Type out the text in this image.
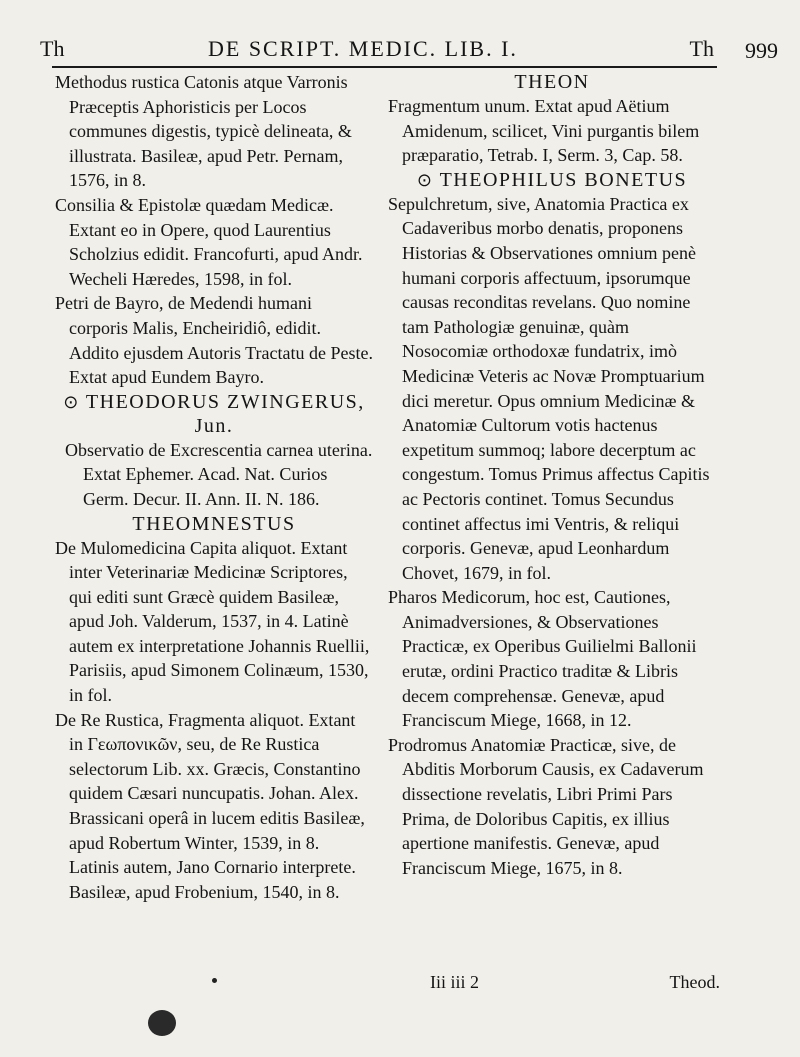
Th	DE SCRIPT. MEDIC. LIB. I.	Th 999

Methodus rustica Catonis atque Varronis Præceptis Aphoristicis per Locos communes digestis, typicè delineata, & illustrata. Basileæ, apud Petr. Pernam, 1576, in 8.

Consilia & Epistolæ quædam Medicæ. Extant eo in Opere, quod Laurentius Scholzius edidit. Francofurti, apud Andr. Wecheli Hæredes, 1598, in fol.

Petri de Bayro, de Medendi humani corporis Malis, Encheiridiô, edidit. Addito ejusdem Autoris Tractatu de Peste. Extat apud Eundem Bayro.

⊙ THEODORUS ZWINGERUS, Jun.

Observatio de Excrescentia carnea uterina. Extat Ephemer. Acad. Nat. Curios Germ. Decur. II. Ann. II. N. 186.

THEOMNESTUS

De Mulomedicina Capita aliquot. Extant inter Veterinariæ Medicinæ Scriptores, qui editi sunt Græcè quidem Basileæ, apud Joh. Valderum, 1537, in 4. Latinè autem ex interpretatione Johannis Ruellii, Parisiis, apud Simonem Colinæum, 1530, in fol.

De Re Rustica, Fragmenta aliquot. Extant in Γεωπονικῶν, seu, de Re Rustica selectorum Lib. xx. Græcis, Constantino quidem Cæsari nuncupatis. Johan. Alex. Brassicani operâ in lucem editis Basileæ, apud Robertum Winter, 1539, in 8. Latinis autem, Jano Cornario interprete. Basileæ, apud Frobenium, 1540, in 8.

THEON

Fragmentum unum. Extat apud Aëtium Amidenum, scilicet, Vini purgantis bilem præparatio, Tetrab. I, Serm. 3, Cap. 58.

⊙ THEOPHILUS BONETUS

Sepulchretum, sive, Anatomia Practica ex Cadaveribus morbo denatis, proponens Historias & Observationes omnium penè humani corporis affectuum, ipsorumque causas reconditas revelans. Quo nomine tam Pathologiæ genuinæ, quàm Nosocomiæ orthodoxæ fundatrix, imò Medicinæ Veteris ac Novæ Promptuarium dici meretur. Opus omnium Medicinæ & Anatomiæ Cultorum votis hactenus expetitum summoq; labore decerptum ac congestum. Tomus Primus affectus Capitis ac Pectoris continet. Tomus Secundus continet affectus imi Ventris, & reliqui corporis. Genevæ, apud Leonhardum Chovet, 1679, in fol.

Pharos Medicorum, hoc est, Cautiones, Animadversiones, & Observationes Practicæ, ex Operibus Guilielmi Ballonii erutæ, ordini Practico traditæ & Libris decem comprehensæ. Genevæ, apud Franciscum Miege, 1668, in 12.

Prodromus Anatomiæ Practicæ, sive, de Abditis Morborum Causis, ex Cadaverum dissectione revelatis, Libri Primi Pars Prima, de Doloribus Capitis, ex illius apertione manifestis. Genevæ, apud Franciscum Miege, 1675, in 8.

Iii iii 2	Theod.
